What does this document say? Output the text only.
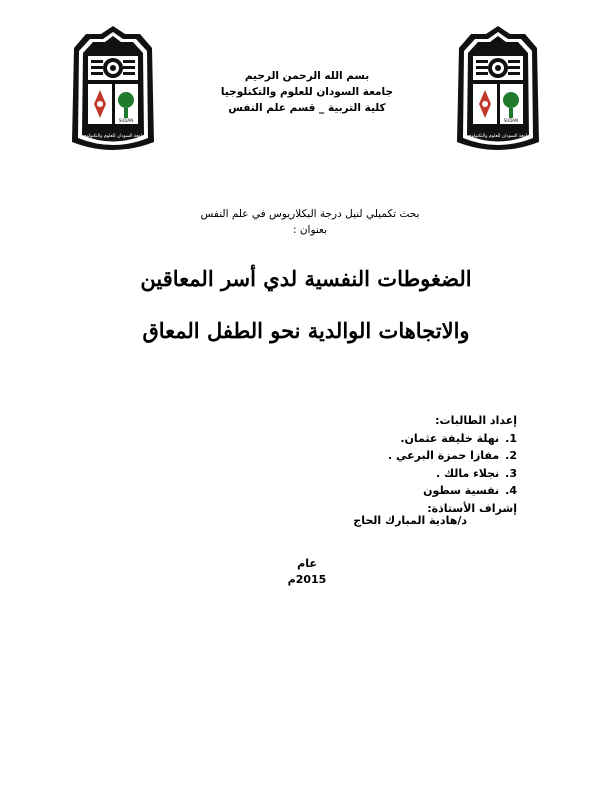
SUDAN
جامعة السودان للعلوم والتكنولوجيا
SUDAN
جامعة السودان للعلوم والتكنولوجيا
بسم الله الرحمن الرحيم
جامعة السودان للعلوم والتكنلوجيا
كلية التربية _ قسم علم النفس
بحث تكميلي لنيل درجة البكلاريوس في علم النفس
بعنوان :
الضغوطات النفسية لدي أسر المعاقين
والاتجاهات الوالدية نحو الطفل المعاق
إعداد الطالبات:
1. نهلة خليفة عثمان.
2. مفازا حمزة البرعي .
3. نجلاء مالك .
4. نفسية سطون
إشراف الأستاذة:
د/هادية المبارك الحاج
عام
2015م
